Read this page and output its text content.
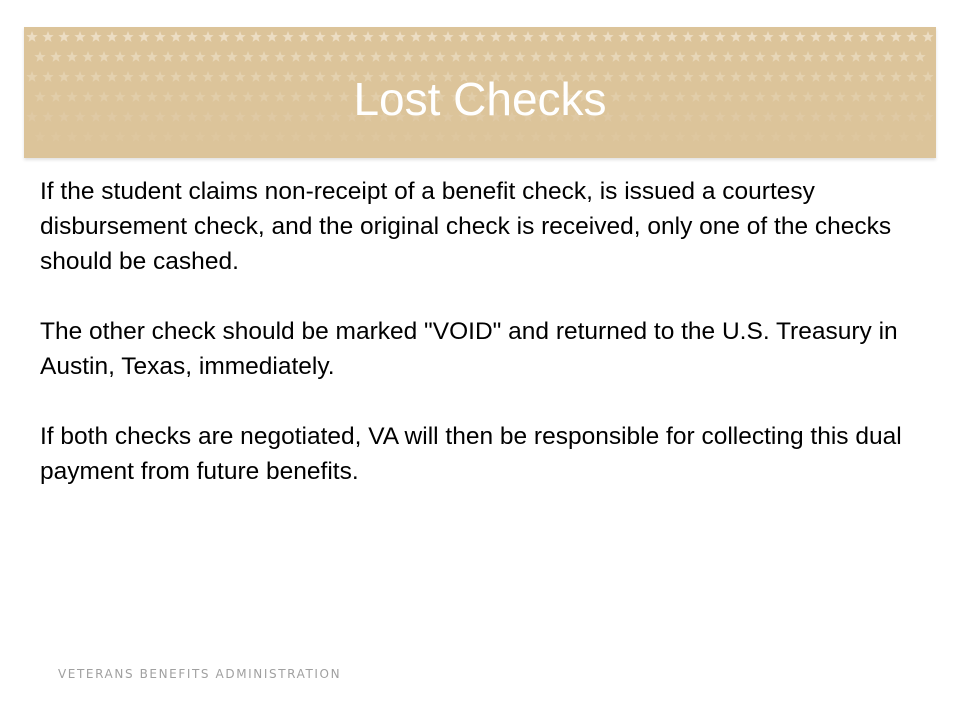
Lost Checks

If the student claims non-receipt of a benefit check, is issued a courtesy disbursement check, and the original check is received, only one of the checks should be cashed.

The other check should be marked "VOID" and returned to the U.S. Treasury in Austin, Texas, immediately.

If both checks are negotiated, VA will then be responsible for collecting this dual payment from future benefits.

VETERANS BENEFITS ADMINISTRATION
